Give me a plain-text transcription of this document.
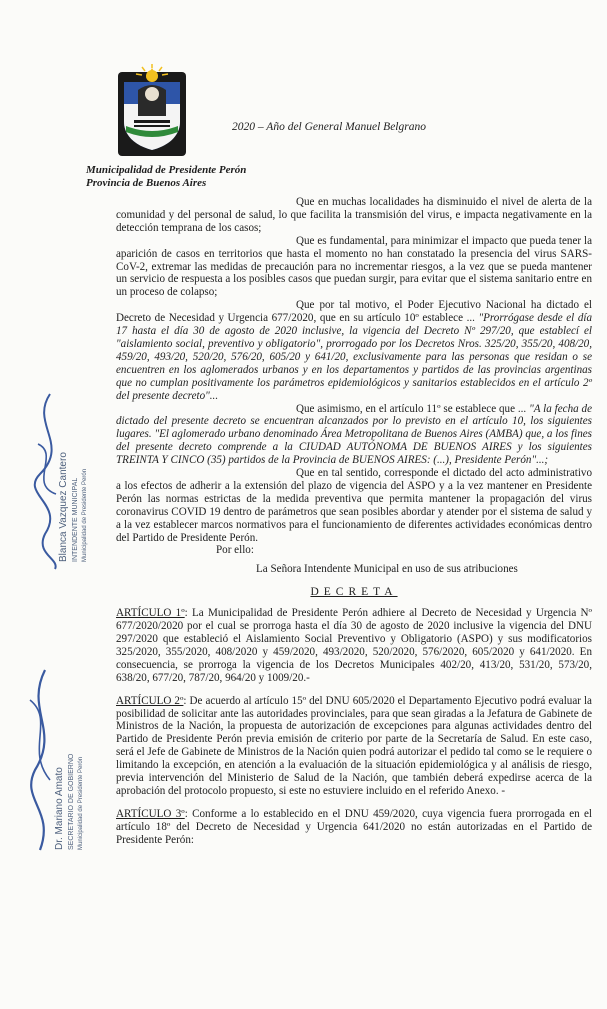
2020 – Año del General Manuel Belgrano
Municipalidad de Presidente Perón
Provincia de Buenos Aires
Blanca Vazquez Cantero INTENDENTE MUNICIPAL Municipalidad de Presidente Perón
Dr. Mariano Amato SECRETARIO DE GOBIERNO Municipalidad de Presidente Perón

Que en muchas localidades ha disminuido el nivel de alerta de la comunidad y del personal de salud, lo que facilita la transmisión del virus, e impacta negativamente en la detección temprana de los casos;

Que es fundamental, para minimizar el impacto que pueda tener la aparición de casos en territorios que hasta el momento no han constatado la presencia del virus SARS-CoV-2, extremar las medidas de precaución para no incrementar riesgos, a la vez que se pueda mantener un servicio de respuesta a los posibles casos que puedan surgir, para evitar que el sistema sanitario entre en un proceso de colapso;

Que por tal motivo, el Poder Ejecutivo Nacional ha dictado el Decreto de Necesidad y Urgencia 677/2020, que en su artículo 10º establece ... "Prorrógase desde el día 17 hasta el día 30 de agosto de 2020 inclusive, la vigencia del Decreto Nº 297/20, que establecí el "aislamiento social, preventivo y obligatorio", prorrogado por los Decretos Nros. 325/20, 355/20, 408/20, 459/20, 493/20, 520/20, 576/20, 605/20 y 641/20, exclusivamente para las personas que residan o se encuentren en los aglomerados urbanos y en los departamentos y partidos de las provincias argentinas que no cumplan positivamente los parámetros epidemiológicos y sanitarios establecidos en el artículo 2º del presente decreto"...

Que asimismo, en el artículo 11º se establece que ... "A la fecha de dictado del presente decreto se encuentran alcanzados por lo previsto en el artículo 10, los siguientes lugares. "El aglomerado urbano denominado Área Metropolitana de Buenos Aires (AMBA) que, a los fines del presente decreto comprende a la CIUDAD AUTÓNOMA DE BUENOS AIRES y los siguientes TREINTA Y CINCO (35) partidos de la Provincia de BUENOS AIRES: (...), Presidente Perón"...;

Que en tal sentido, corresponde el dictado del acto administrativo a los efectos de adherir a la extensión del plazo de vigencia del ASPO y a la vez mantener en Presidente Perón las normas estrictas de la medida preventiva que permita mantener la propagación del virus coronavirus COVID 19 dentro de parámetros que sean posibles abordar y atender por el sistema de salud y a la vez establecer marcos normativos para el funcionamiento de diferentes actividades económicas dentro del Partido de Presidente Perón.

Por ello:

La Señora Intendente Municipal en uso de sus atribuciones

DECRETA

ARTÍCULO 1º: La Municipalidad de Presidente Perón adhiere al Decreto de Necesidad y Urgencia Nº 677/2020/2020 por el cual se prorroga hasta el día 30 de agosto de 2020 inclusive la vigencia del DNU 297/2020 que estableció el Aislamiento Social Preventivo y Obligatorio (ASPO) y sus modificatorios 325/2020, 355/2020, 408/2020 y 459/2020, 493/2020, 520/2020, 576/2020, 605/2020 y 641/2020. En consecuencia, se prorroga la vigencia de los Decretos Municipales 402/20, 413/20, 531/20, 573/20, 638/20, 677/20, 787/20, 964/20 y 1009/20.-

ARTÍCULO 2º: De acuerdo al artículo 15º del DNU 605/2020 el Departamento Ejecutivo podrá evaluar la posibilidad de solicitar ante las autoridades provinciales, para que sean giradas a la Jefatura de Gabinete de Ministros de la Nación, la propuesta de autorización de excepciones para algunas actividades dentro del Partido de Presidente Perón previa emisión de criterio por parte de la Secretaría de Salud. En este caso, será el Jefe de Gabinete de Ministros de la Nación quien podrá autorizar el pedido tal como se le requiere o limitando la excepción, en atención a la evaluación de la situación epidemiológica y al análisis de riesgo, previa intervención del Ministerio de Salud de la Nación, que también deberá expedirse acerca de la aprobación del protocolo propuesto, si este no estuviere incluido en el referido Anexo. -

ARTÍCULO 3º: Conforme a lo establecido en el DNU 459/2020, cuya vigencia fuera prorrogada en el artículo 18º del Decreto de Necesidad y Urgencia 641/2020 no están autorizadas en el Partido de Presidente Perón:
